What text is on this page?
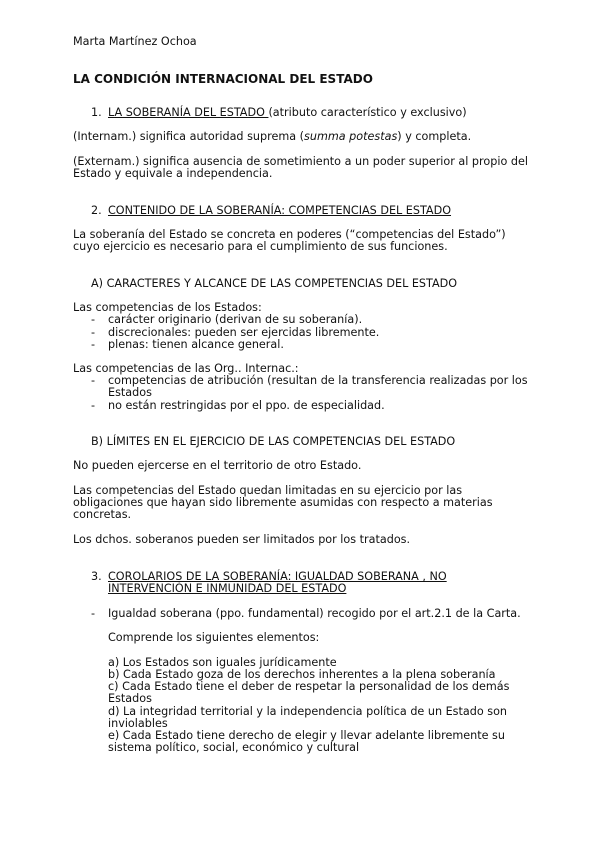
Marta Martínez Ochoa
LA CONDICIÓN INTERNACIONAL DEL ESTADO
1. LA SOBERANÍA DEL ESTADO (atributo característico y exclusivo)
(Internam.) significa autoridad suprema (summa potestas) y completa.
(Externam.) significa ausencia de sometimiento a un poder superior al propio del
Estado y equivale a independencia.
2. CONTENIDO DE LA SOBERANÍA: COMPETENCIAS DEL ESTADO
La soberanía del Estado se concreta en poderes (“competencias del Estado”)
cuyo ejercicio es necesario para el cumplimiento de sus funciones.
A) CARACTERES Y ALCANCE DE LAS COMPETENCIAS DEL ESTADO
Las competencias de los Estados:
- carácter originario (derivan de su soberanía).
- discrecionales: pueden ser ejercidas libremente.
- plenas: tienen alcance general.
Las competencias de las Org.. Internac.:
- competencias de atribución (resultan de la transferencia realizadas por los
Estados
- no están restringidas por el ppo. de especialidad.
B) LÍMITES EN EL EJERCICIO DE LAS COMPETENCIAS DEL ESTADO
No pueden ejercerse en el territorio de otro Estado.
Las competencias del Estado quedan limitadas en su ejercicio por las
obligaciones que hayan sido libremente asumidas con respecto a materias
concretas.
Los dchos. soberanos pueden ser limitados por los tratados.
3. COROLARIOS DE LA SOBERANÍA: IGUALDAD SOBERANA , NO
INTERVENCIÓN E INMUNIDAD DEL ESTADO
- Igualdad soberana (ppo. fundamental) recogido por el art.2.1 de la Carta.
Comprende los siguientes elementos:
a) Los Estados son iguales jurídicamente
b) Cada Estado goza de los derechos inherentes a la plena soberanía
c) Cada Estado tiene el deber de respetar la personalidad de los demás
Estados
d) La integridad territorial y la independencia política de un Estado son
inviolables
e) Cada Estado tiene derecho de elegir y llevar adelante libremente su
sistema político, social, económico y cultural
